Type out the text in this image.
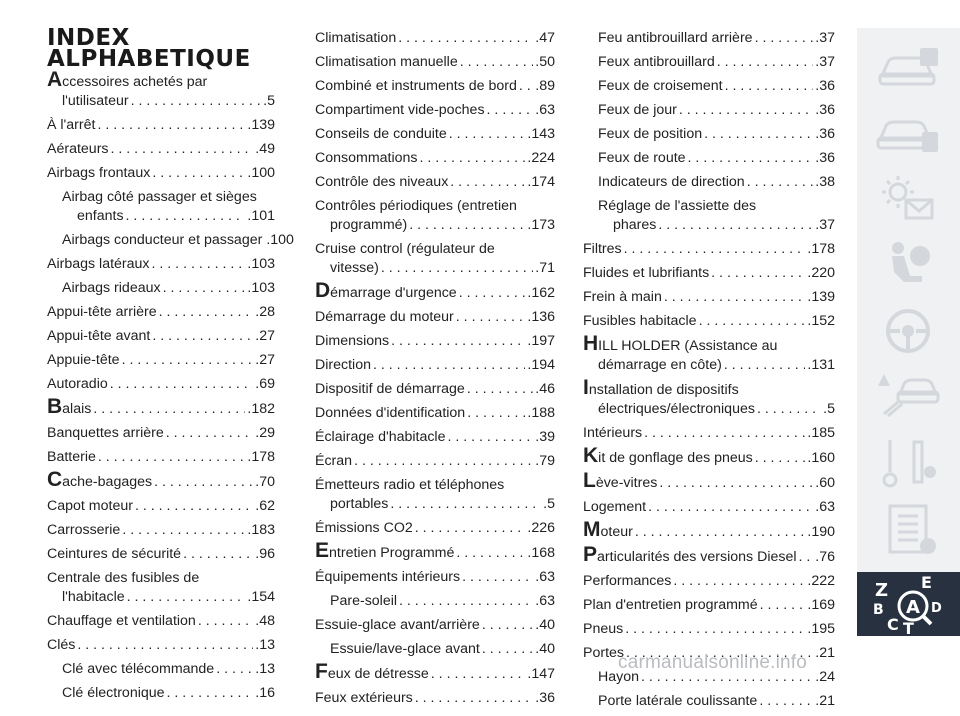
INDEX
ALPHABETIQUE
Accessoires achetés par
l'utilisateur . . .	.5
À l'arrêt . . .	.139
Aérateurs . . .	.49
Airbags frontaux . . .	.100
Airbag côté passager et sièges
enfants . . .	.101
Airbags conducteur et passager .100
Airbags latéraux . . .	.103
Airbags rideaux . . .	.103
Appui-tête arrière . . .	.28
Appui-tête avant . . .	.27
Appuie-tête . . .	.27
Autoradio . . .	.69
Balais . . .	.182
Banquettes arrière . . .	.29
Batterie . . .	.178
Cache-bagages . . .	.70
Capot moteur . . .	.62
Carrosserie . . .	.183
Ceintures de sécurité . . .	.96
Centrale des fusibles de
l'habitacle . . .	.154
Chauffage et ventilation . . .	.48
Clés . . .	.13
Clé avec télécommande . . .	.13
Clé électronique . . .	.16
Climatisation . . .	.47
Climatisation manuelle . . .	.50
Combiné et instruments de bord . . . .89
Compartiment vide-poches . . .	.63
Conseils de conduite . . .	.143
Consommations . . .	.224
Contrôle des niveaux . . .	.174
Contrôles périodiques (entretien
programmé) . . .	.173
Cruise control (régulateur de
vitesse) . . .	.71
Démarrage d'urgence . . .	.162
Démarrage du moteur . . .	.136
Dimensions . . .	.197
Direction . . .	.194
Dispositif de démarrage . . .	.46
Données d'identification . . .	.188
Éclairage d'habitacle . . .	.39
Écran . . .	.79
Émetteurs radio et téléphones
portables . . .	.5
Émissions CO2 . . .	.226
Entretien Programmé . . .	.168
Équipements intérieurs . . .	.63
Pare-soleil . . .	.63
Essuie-glace avant/arrière . . .	.40
Essuie/lave-glace avant . . .	.40
Feux de détresse . . .	.147
Feux extérieurs . . .	.36
Feu antibrouillard arrière . . .	.37
Feux antibrouillard . . .	.37
Feux de croisement . . .	.36
Feux de jour . . .	.36
Feux de position . . .	.36
Feux de route . . .	.36
Indicateurs de direction . . .	.38
Réglage de l'assiette des
phares . . .	.37
Filtres . . .	.178
Fluides et lubrifiants . . .	.220
Frein à main . . .	.139
Fusibles habitacle . . .	.152
HILL HOLDER (Assistance au
démarrage en côte) . . .	.131
Installation de dispositifs
électriques/électroniques . . .	.5
Intérieurs . . .	.185
Kit de gonflage des pneus . . .	.160
Lève-vitres . . .	.60
Logement . . .	.63
Moteur . . .	.190
Particularités des versions Diesel . . . .76
Performances . . .	.222
Plan d'entretien programmé . . .	.169
Pneus . . .	.195
Portes . . .	.21
Hayon . . .	.24
Porte latérale coulissante . . .	.21
Z E
B A
C
D
T
carmanualsonline.info
